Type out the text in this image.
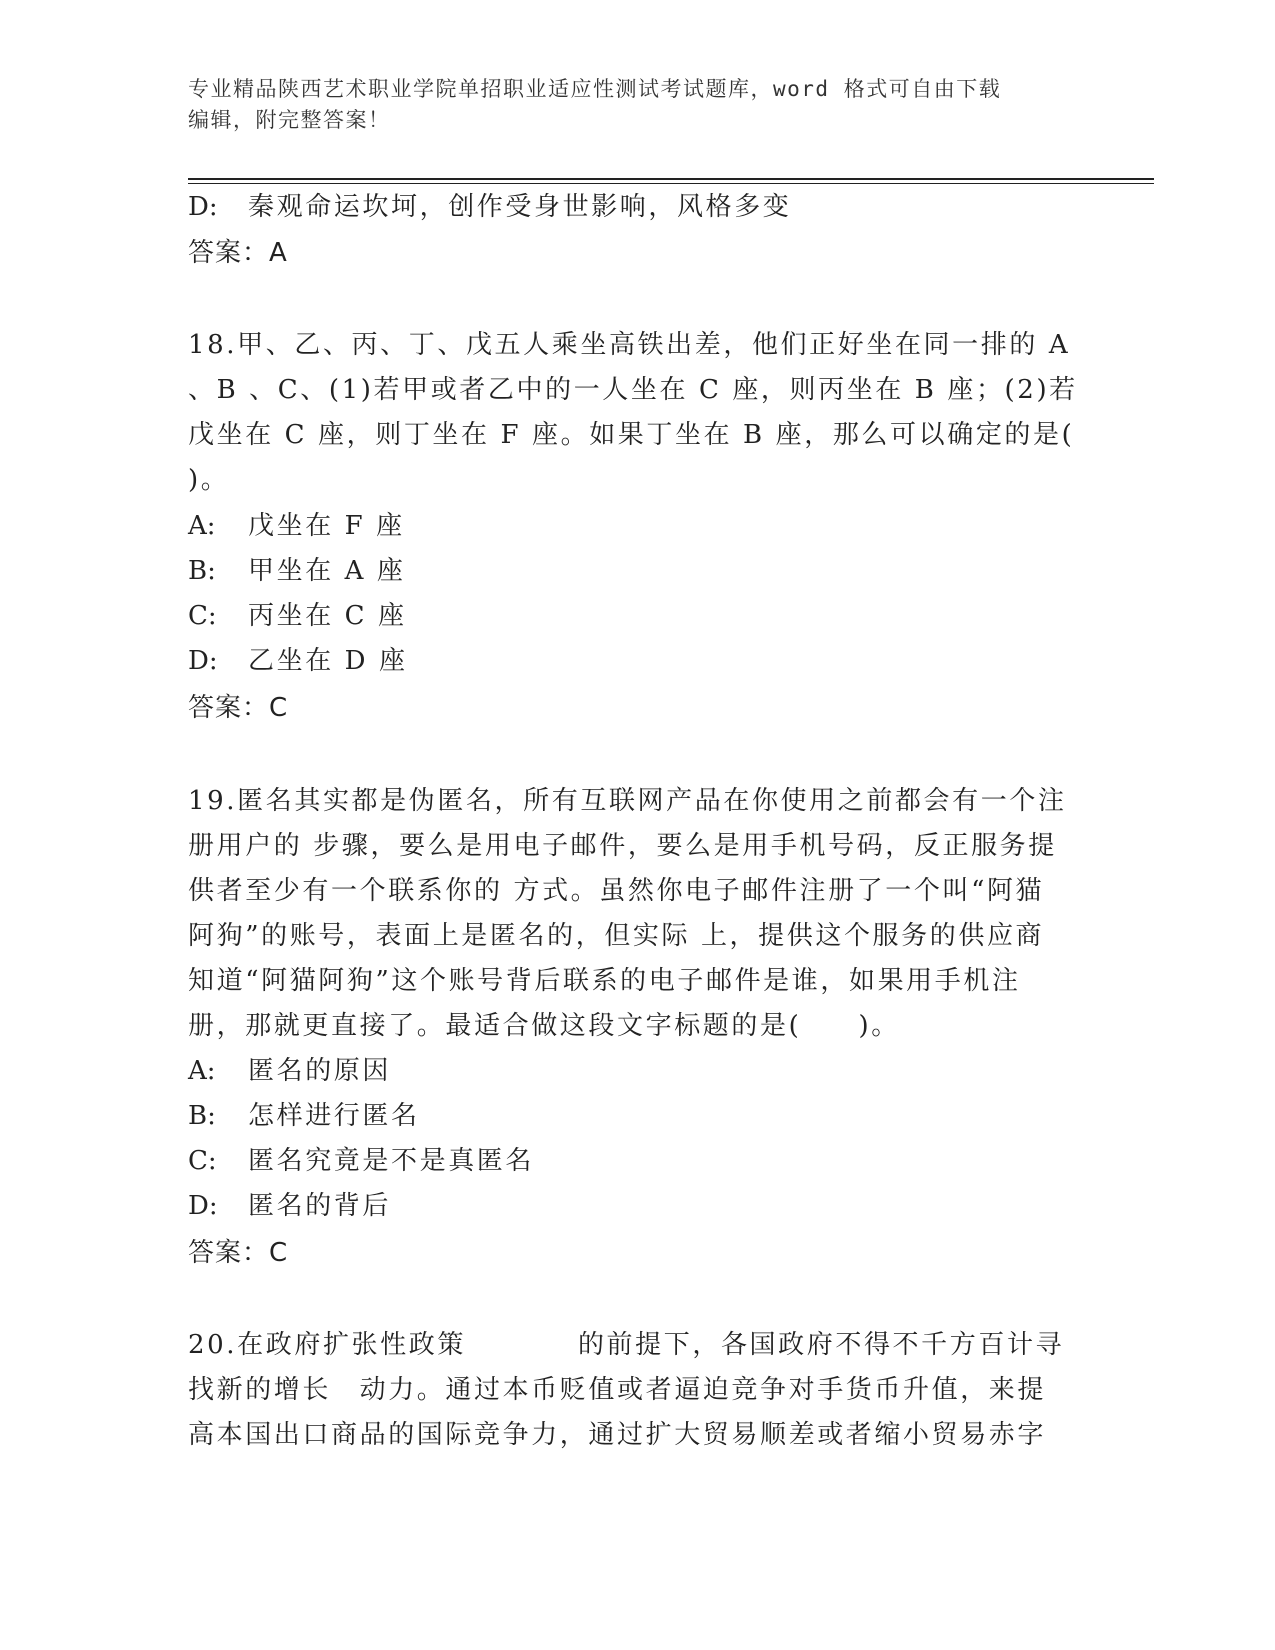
专业精品陕西艺术职业学院单招职业适应性测试考试题库，word 格式可自由下载
编辑，附完整答案！
D: 秦观命运坎坷，创作受身世影响，风格多变
答案：A
18.甲、乙、丙、丁、戊五人乘坐高铁出差，他们正好坐在同一排的 A
、B 、C、(1)若甲或者乙中的一人坐在 C 座，则丙坐在 B 座；(2)若
戊坐在 C 座，则丁坐在 F 座。如果丁坐在 B 座，那么可以确定的是(
)。
A: 戊坐在 F 座
B: 甲坐在 A 座
C: 丙坐在 C 座
D: 乙坐在 D 座
答案：C
19.匿名其实都是伪匿名，所有互联网产品在你使用之前都会有一个注
册用户的 步骤，要么是用电子邮件，要么是用手机号码，反正服务提
供者至少有一个联系你的 方式。虽然你电子邮件注册了一个叫“阿猫
阿狗”的账号，表面上是匿名的，但实际 上，提供这个服务的供应商
知道“阿猫阿狗”这个账号背后联系的电子邮件是谁，如果用手机注
册，那就更直接了。最适合做这段文字标题的是(　　)。
A: 匿名的原因
B: 怎样进行匿名
C: 匿名究竟是不是真匿名
D: 匿名的背后
答案：C
20.在政府扩张性政策	的前提下，各国政府不得不千方百计寻
找新的增长　动力。通过本币贬值或者逼迫竞争对手货币升值，来提
高本国出口商品的国际竞争力，通过扩大贸易顺差或者缩小贸易赤字
